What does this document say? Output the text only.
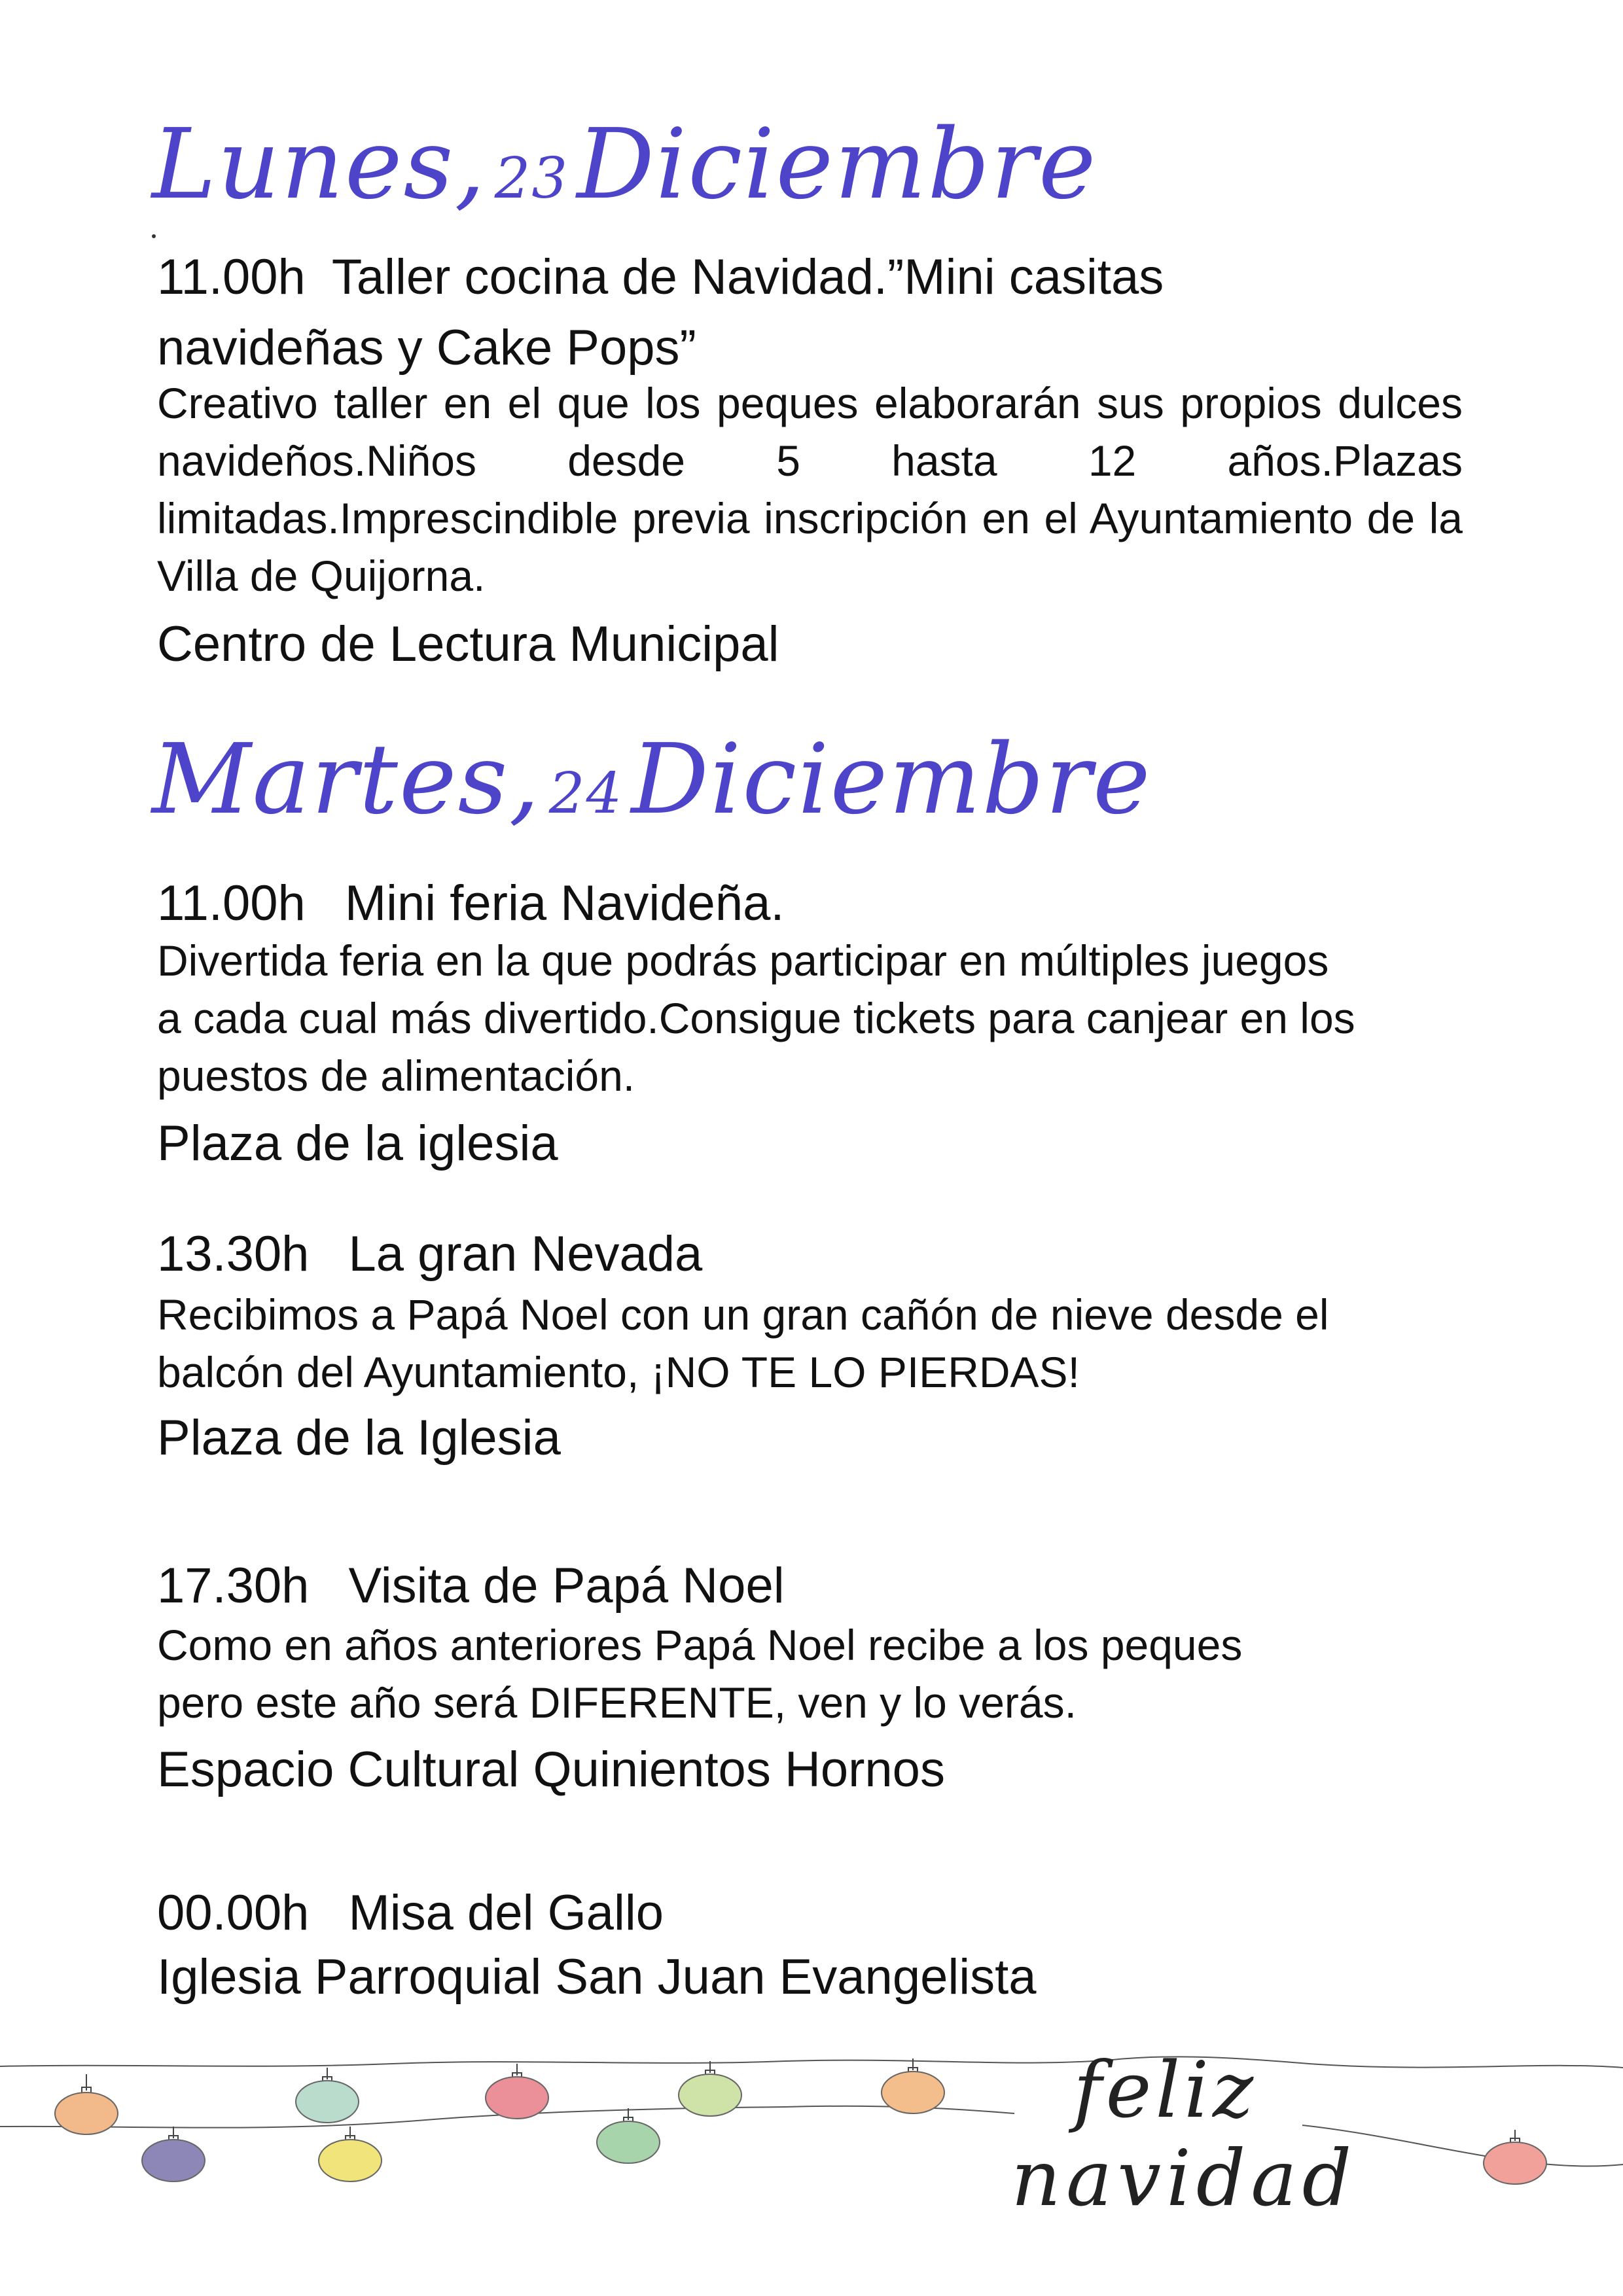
Lunes, 23 Diciembre
11.00h Taller cocina de Navidad.”Mini casitas
navideñas y Cake Pops”

Creativo taller en el que los peques elaborarán sus propios dulces navideños.Niños desde 5 hasta 12 años.Plazas limitadas.Imprescindible previa inscripción en el Ayuntamiento de la Villa de Quijorna.

Centro de Lectura Municipal

Martes, 24 Diciembre
11.00h Mini feria Navideña.

Divertida feria en la que podrás participar en múltiples juegos

a cada cual más divertido.Consigue tickets para canjear en los

puestos de alimentación.

Plaza de la iglesia

13.30h La gran Nevada

Recibimos a Papá Noel con un gran cañón de nieve desde el

balcón del Ayuntamiento, ¡NO TE LO PIERDAS!

Plaza de la Iglesia

17.30h Visita de Papá Noel

Como en años anteriores Papá Noel recibe a los peques

pero este año será DIFERENTE, ven y lo verás.

Espacio Cultural Quinientos Hornos

00.00h Misa del Gallo

Iglesia Parroquial San Juan Evangelista

feliz
navidad
